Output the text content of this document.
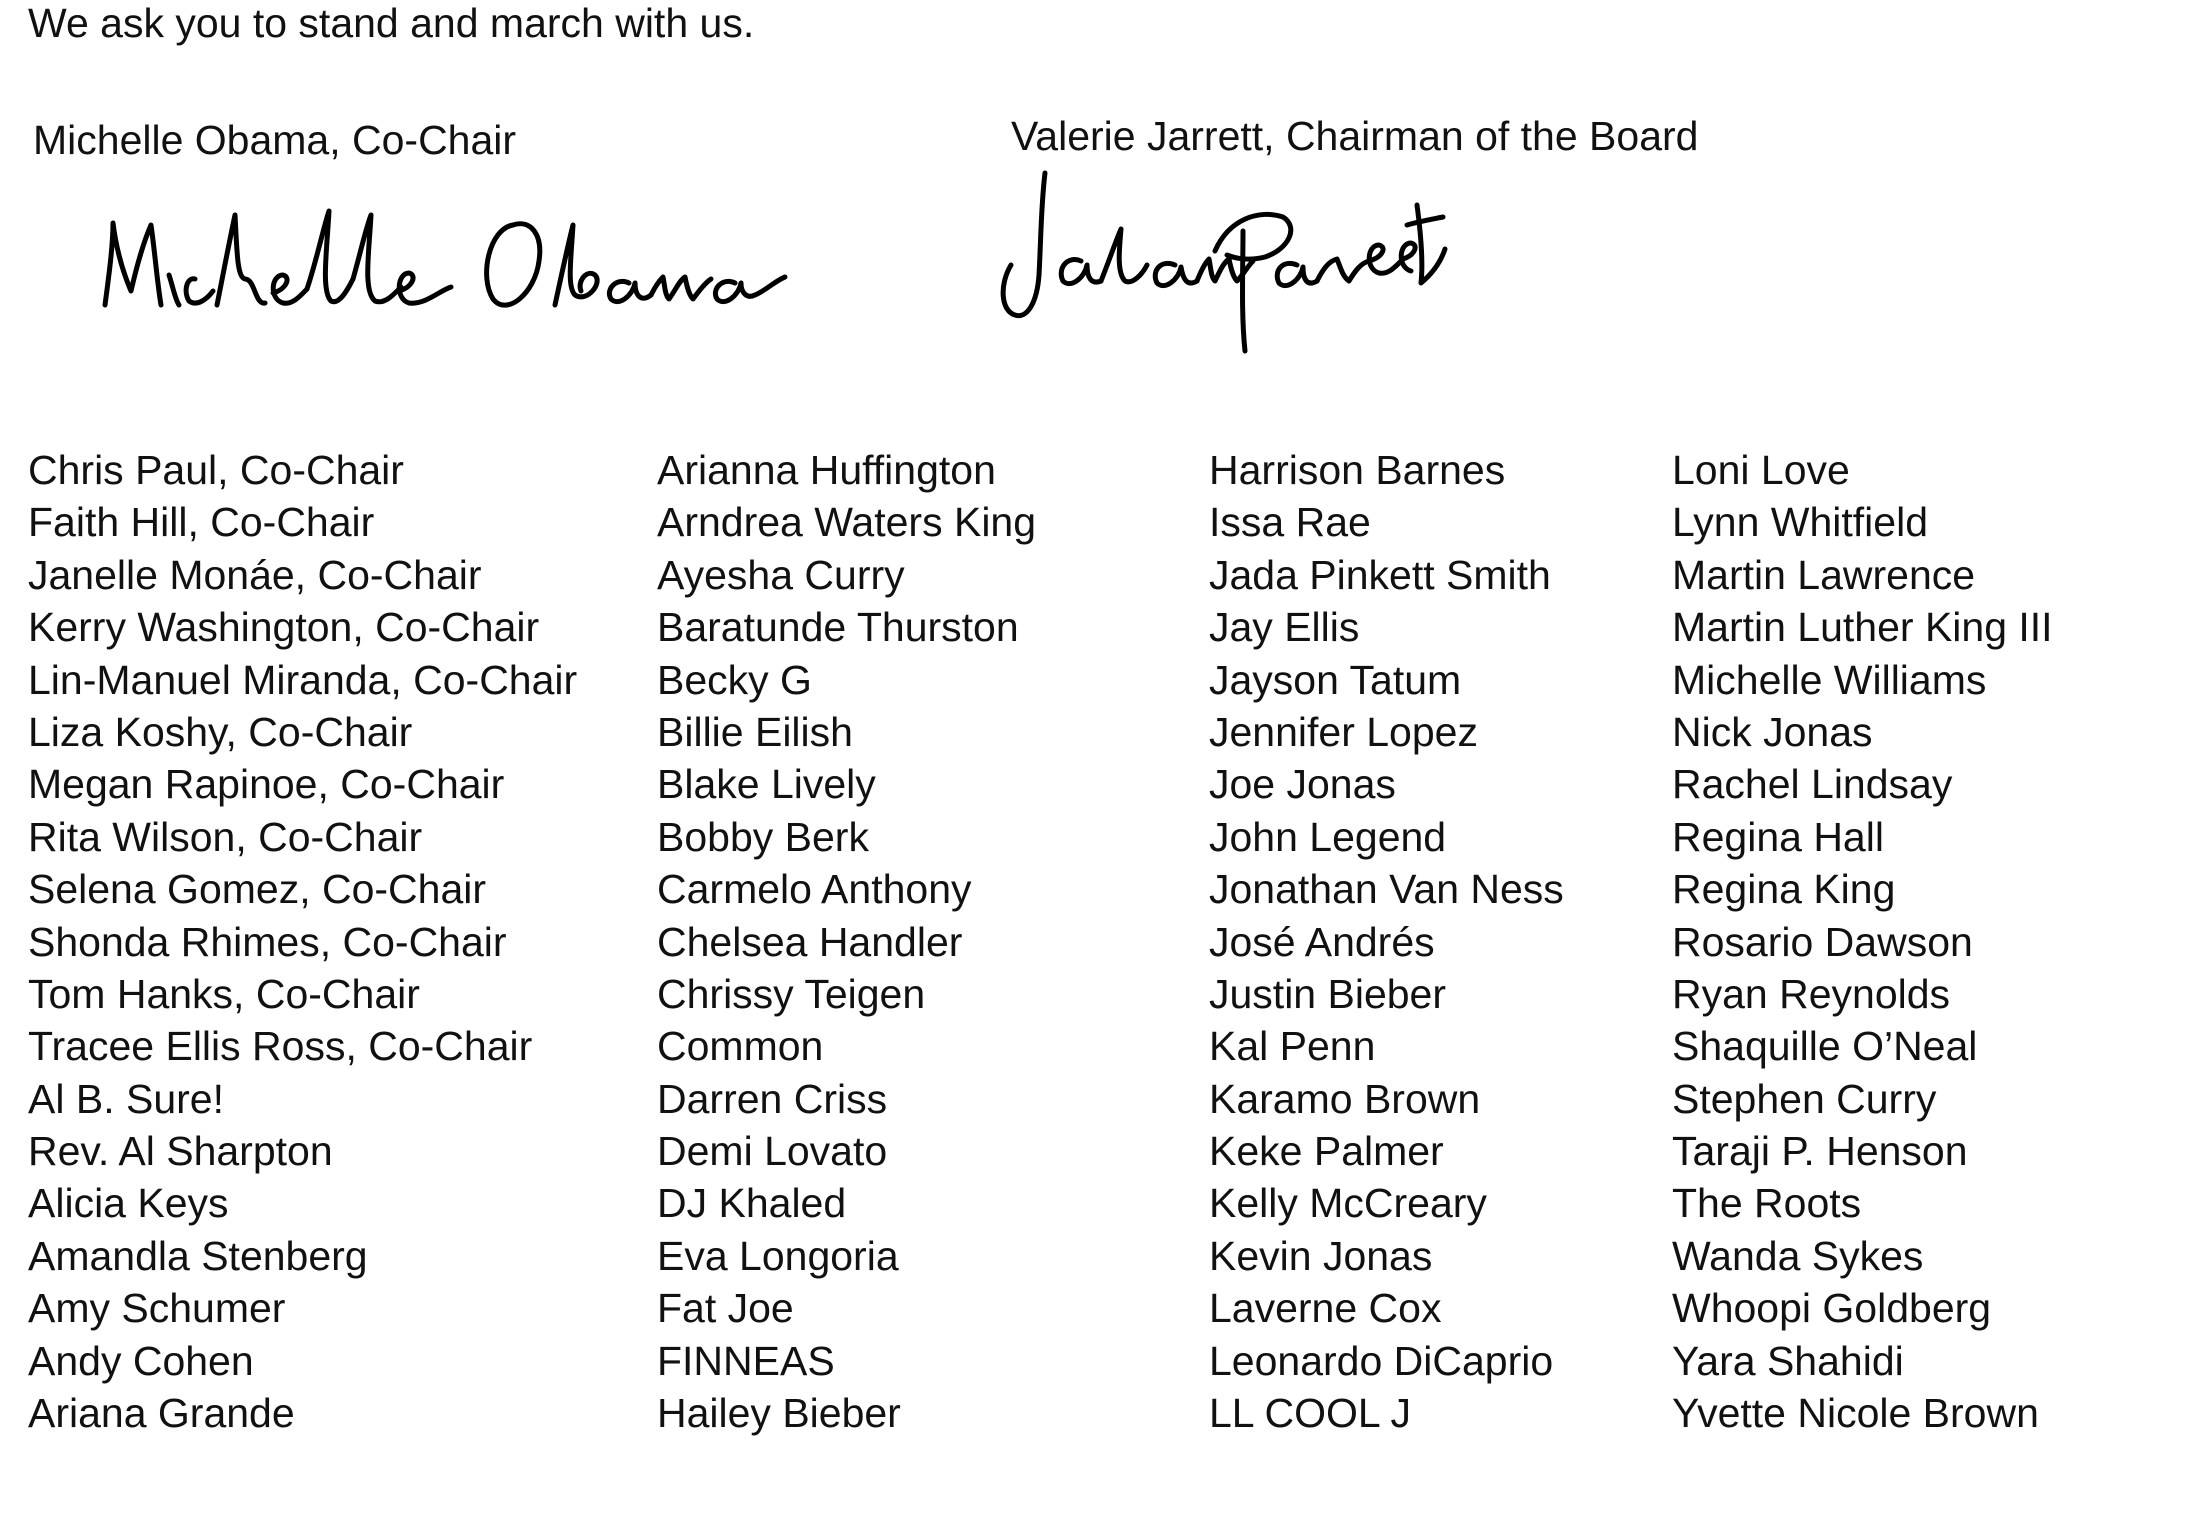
We ask you to stand and march with us.
Michelle Obama, Co-Chair	Valerie Jarrett, Chairman of the Board
Chris Paul, Co-Chair
Faith Hill, Co-Chair
Janelle Monáe, Co-Chair
Kerry Washington, Co-Chair
Lin-Manuel Miranda, Co-Chair
Liza Koshy, Co-Chair
Megan Rapinoe, Co-Chair
Rita Wilson, Co-Chair
Selena Gomez, Co-Chair
Shonda Rhimes, Co-Chair
Tom Hanks, Co-Chair
Tracee Ellis Ross, Co-Chair
Al B. Sure!
Rev. Al Sharpton
Alicia Keys
Amandla Stenberg
Amy Schumer
Andy Cohen
Ariana Grande
Arianna Huffington
Arndrea Waters King
Ayesha Curry
Baratunde Thurston
Becky G
Billie Eilish
Blake Lively
Bobby Berk
Carmelo Anthony
Chelsea Handler
Chrissy Teigen
Common
Darren Criss
Demi Lovato
DJ Khaled
Eva Longoria
Fat Joe
FINNEAS
Hailey Bieber
Harrison Barnes
Issa Rae
Jada Pinkett Smith
Jay Ellis
Jayson Tatum
Jennifer Lopez
Joe Jonas
John Legend
Jonathan Van Ness
José Andrés
Justin Bieber
Kal Penn
Karamo Brown
Keke Palmer
Kelly McCreary
Kevin Jonas
Laverne Cox
Leonardo DiCaprio
LL COOL J
Loni Love
Lynn Whitfield
Martin Lawrence
Martin Luther King III
Michelle Williams
Nick Jonas
Rachel Lindsay
Regina Hall
Regina King
Rosario Dawson
Ryan Reynolds
Shaquille O’Neal
Stephen Curry
Taraji P. Henson
The Roots
Wanda Sykes
Whoopi Goldberg
Yara Shahidi
Yvette Nicole Brown
